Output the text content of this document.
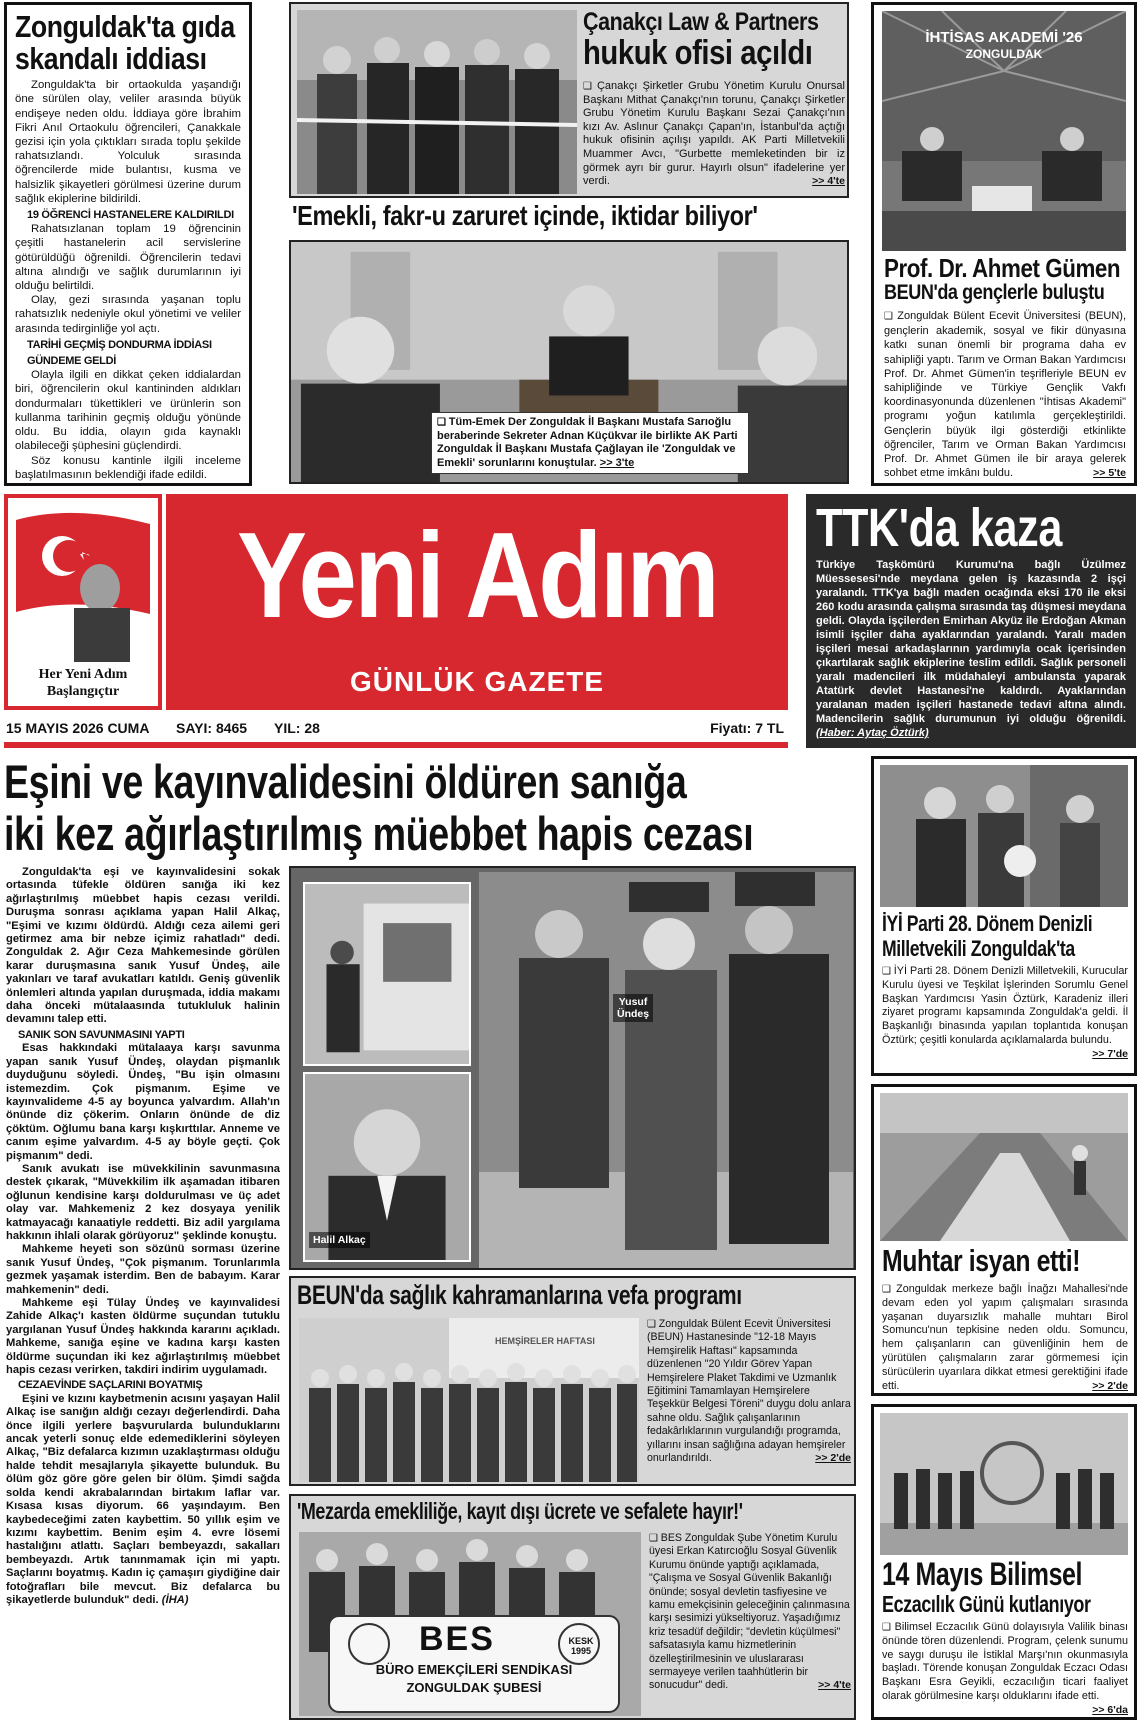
Zonguldak'ta gıda
skandalı iddiası

Zonguldak'ta bir ortaokulda yaşandığı öne sürülen olay, veliler arasında büyük endişeye neden oldu. İddiaya göre İbrahim Fikri Anıl Ortaokulu öğrencileri, Çanakkale gezisi için yola çıktıkları sırada toplu şekilde rahatsızlandı. Yolculuk sırasında öğrencilerde mide bulantısı, kusma ve halsizlik şikayetleri görülmesi üzerine durum sağlık ekiplerine bildirildi.

19 ÖĞRENCİ HASTANELERE KALDIRILDI

Rahatsızlanan toplam 19 öğrencinin çeşitli hastanelerin acil servislerine götürüldüğü öğrenildi. Öğrencilerin tedavi altına alındığı ve sağlık durumlarının iyi olduğu belirtildi.

Olay, gezi sırasında yaşanan toplu rahatsızlık nedeniyle okul yönetimi ve veliler arasında tedirginliğe yol açtı.

TARİHİ GEÇMİŞ DONDURMA İDDİASI
GÜNDEME GELDİ

Olayla ilgili en dikkat çeken iddialardan biri, öğrencilerin okul kantininden aldıkları dondurmaları tükettikleri ve ürünlerin son kullanma tarihinin geçmiş olduğu yönünde oldu. Bu iddia, olayın gıda kaynaklı olabileceği şüphesini güçlendirdi.

Söz konusu kantinle ilgili inceleme başlatılmasının beklendiği ifade edildi.

Çanakçı Law & Partners
hukuk ofisi açıldı
❑ Çanakçı Şirketler Grubu Yönetim Kurulu Onursal Başkanı Mithat Çanakçı'nın torunu, Çanakçı Şirketler Grubu Yönetim Kurulu Başkanı Sezai Çanakçı'nın kızı Av. Aslınur Çanakçı Çapan'ın, İstanbul'da açtığı hukuk ofisinin açılışı yapıldı. AK Parti Milletvekili Muammer Avcı, "Gurbette memleketinden bir iz görmek ayrı bir gurur. Hayırlı olsun" ifadelerine yer verdi.	>> 4'te
'Emekli, fakr-u zaruret içinde, iktidar biliyor'
❑ Tüm-Emek Der Zonguldak İl Başkanı Mustafa Sarıoğlu beraberinde Sekreter Adnan Küçükvar ile birlikte AK Parti Zonguldak İl Başkanı Mustafa Çağlayan ile 'Zonguldak ve Emekli' sorunlarını konuştular. >> 3'te
İHTİSAS AKADEMİ '26
ZONGULDAK
Prof. Dr. Ahmet Gümen
BEUN'da gençlerle buluştu
❑ Zonguldak Bülent Ecevit Üniversitesi (BEUN), gençlerin akademik, sosyal ve fikir dünyasına katkı sunan önemli bir programa daha ev sahipliği yaptı. Tarım ve Orman Bakan Yardımcısı Prof. Dr. Ahmet Gümen'in teşrifleriyle BEUN ev sahipliğinde ve Türkiye Gençlik Vakfı koordinasyonunda düzenlenen "İhtisas Akademi" programı yoğun katılımla gerçekleştirildi. Gençlerin büyük ilgi gösterdiği etkinlikte öğrenciler, Tarım ve Orman Bakan Yardımcısı Prof. Dr. Ahmet Gümen ile bir araya gelerek sohbet etme imkânı buldu.	>> 5'te
Her Yeni Adım
Başlangıçtır
Yeni Adım
GÜNLÜK GAZETE
15 MAYIS 2026 CUMA SAYI: 8465 YIL: 28	Fiyatı: 7 TL
TTK'da kaza
Türkiye Taşkömürü Kurumu'na bağlı Üzülmez Müessesesi'nde meydana gelen iş kazasında 2 işçi yaralandı. TTK'ya bağlı maden ocağında eksi 170 ile eksi 260 kodu arasında çalışma sırasında taş düşmesi meydana geldi. Olayda işçilerden Emirhan Akyüz ile Erdoğan Akman isimli işçiler daha ayaklarından yaralandı. Yaralı maden işçileri mesai arkadaşlarının yardımıyla ocak içerisinden çıkartılarak sağlık ekiplerine teslim edildi. Sağlık personeli yaralı madencileri ilk müdahaleyi ambulansta yaparak Atatürk devlet Hastanesi'ne kaldırdı. Ayaklarından yaralanan maden işçileri hastanede tedavi altına alındı. Madencilerin sağlık durumunun iyi olduğu öğrenildi. (Haber: Aytaç Öztürk)
Eşini ve kayınvalidesini öldüren sanığa
iki kez ağırlaştırılmış müebbet hapis cezası

Zonguldak'ta eşi ve kayınvalidesini sokak ortasında tüfekle öldüren sanığa iki kez ağırlaştırılmış müebbet hapis cezası verildi. Duruşma sonrası açıklama yapan Halil Alkaç, "Eşimi ve kızımı öldürdü. Aldığı ceza ailemi geri getirmez ama bir nebze içimiz rahatladı" dedi. Zonguldak 2. Ağır Ceza Mahkemesinde görülen karar duruşmasına sanık Yusuf Ündeş, aile yakınları ve taraf avukatları katıldı. Geniş güvenlik önlemleri altında yapılan duruşmada, iddia makamı daha önceki mütalaasında tutukluluk halinin devamını talep etti.

SANIK SON SAVUNMASINI YAPTI

Esas hakkındaki mütalaaya karşı savunma yapan sanık Yusuf Ündeş, olaydan pişmanlık duyduğunu söyledi. Ündeş, "Bu işin olmasını istemezdim. Çok pişmanım. Eşime ve kayınvalideme 4-5 ay boyunca yalvardım. Allah'ın önünde diz çökerim. Onların önünde de diz çöktüm. Oğlumu bana karşı kışkırttılar. Anneme ve canım eşime yalvardım. 4-5 ay böyle geçti. Çok pişmanım" dedi.

Sanık avukatı ise müvekkilinin savunmasına destek çıkarak, "Müvekkilim ilk aşamadan itibaren oğlunun kendisine karşı doldurulması ve üç adet olay var. Mahkemeniz 2 kez dosyaya yenilik katmayacağı kanaatiyle reddetti. Biz adil yargılama hakkının ihlali olarak görüyoruz" şeklinde konuştu.

Mahkeme heyeti son sözünü sorması üzerine sanık Yusuf Ündeş, "Çok pişmanım. Torunlarımla gezmek yaşamak isterdim. Ben de babayım. Karar mahkemenin" dedi.

Mahkeme eşi Tülay Ündeş ve kayınvalidesi Zahide Alkaç'ı kasten öldürme suçundan tutuklu yargılanan Yusuf Ündeş hakkında kararını açıkladı. Mahkeme, sanığa eşine ve kadına karşı kasten öldürme suçundan iki kez ağırlaştırılmış müebbet hapis cezası verirken, takdiri indirim uygulamadı.

CEZAEVİNDE SAÇLARINI BOYATMIŞ

Eşini ve kızını kaybetmenin acısını yaşayan Halil Alkaç ise sanığın aldığı cezayı değerlendirdi. Daha önce ilgili yerlere başvurularda bulunduklarını ancak yeterli sonuç elde edemediklerini söyleyen Alkaç, "Biz defalarca kızımın uzaklaştırması olduğu halde tehdit mesajlarıyla şikayette bulunduk. Bu ölüm göz göre göre gelen bir ölüm. Şimdi sağda solda kendi akrabalarından birtakım laflar var. Kısasa kısas diyorum. 66 yaşındayım. Ben kaybedeceğimi zaten kaybettim. 50 yıllık eşim ve kızımı kaybettim. Benim eşim 4. evre lösemi hastalığını atlattı. Saçları bembeyazdı, sakalları bembeyazdı. Artık tanınmamak için mi yaptı. Saçlarını boyatmış. Kadın iç çamaşırı giydiğine dair fotoğrafları bile mevcut. Biz defalarca bu şikayetlerde bulunduk" dedi. (İHA)

Halil Alkaç
Yusuf
Ündeş
BEUN'da sağlık kahramanlarına vefa programı
HEMŞİRELER HAFTASI
❑ Zonguldak Bülent Ecevit Üniversitesi (BEUN) Hastanesinde "12-18 Mayıs Hemşirelik Haftası" kapsamında düzenlenen "20 Yıldır Görev Yapan Hemşirelere Plaket Takdimi ve Uzmanlık Eğitimini Tamamlayan Hemşirelere Teşekkür Belgesi Töreni" duygu dolu anlara sahne oldu. Sağlık çalışanlarının fedakârlıklarının vurgulandığı programda, yıllarını insan sağlığına adayan hemşireler onurlandırıldı.	>> 2'de
'Mezarda emekliliğe, kayıt dışı ücrete ve sefalete hayır!'
BES
BÜRO EMEKÇİLERİ SENDİKASI
ZONGULDAK ŞUBESİ
KESK
1995
❑ BES Zonguldak Şube Yönetim Kurulu üyesi Erkan Katırcıoğlu Sosyal Güvenlik Kurumu önünde yaptığı açıklamada, "Çalışma ve Sosyal Güvenlik Bakanlığı önünde; sosyal devletin tasfiyesine ve kamu emekçisinin geleceğinin çalınmasına karşı sesimizi yükseltiyoruz. Yaşadığımız kriz tesadüf değildir; "devletin küçülmesi" safsatasıyla kamu hizmetlerinin özelleştirilmesinin ve uluslararası sermayeye verilen taahhütlerin bir sonucudur" dedi.	>> 4'te
İYİ Parti 28. Dönem Denizli
Milletvekili Zonguldak'ta
❑ İYİ Parti 28. Dönem Denizli Milletvekili, Kurucular Kurulu üyesi ve Teşkilat İşlerinden Sorumlu Genel Başkan Yardımcısı Yasin Öztürk, Karadeniz illeri ziyaret programı kapsamında Zonguldak'a geldi. İl Başkanlığı binasında yapılan toplantıda konuşan Öztürk; çeşitli konularda açıklamalarda bulundu.
>> 7'de
Muhtar isyan etti!
❑ Zonguldak merkeze bağlı İnağzı Mahallesi'nde devam eden yol yapım çalışmaları sırasında yaşanan duyarsızlık mahalle muhtarı Birol Somuncu'nun tepkisine neden oldu. Somuncu, hem çalışanların can güvenliğinin hem de yürütülen çalışmaların zarar görmemesi için sürücülerin uyarılara dikkat etmesi gerektiğini ifade etti.	>> 2'de
14 Mayıs Bilimsel
Eczacılık Günü kutlanıyor
❑ Bilimsel Eczacılık Günü dolayısıyla Valilik binası önünde tören düzenlendi. Program, çelenk sunumu ve saygı duruşu ile İstiklal Marşı'nın okunmasıyla başladı. Törende konuşan Zonguldak Eczacı Odası Başkanı Esra Geyikli, eczacılığın ticari faaliyet olarak görülmesine karşı olduklarını ifade etti.
>> 6'da
